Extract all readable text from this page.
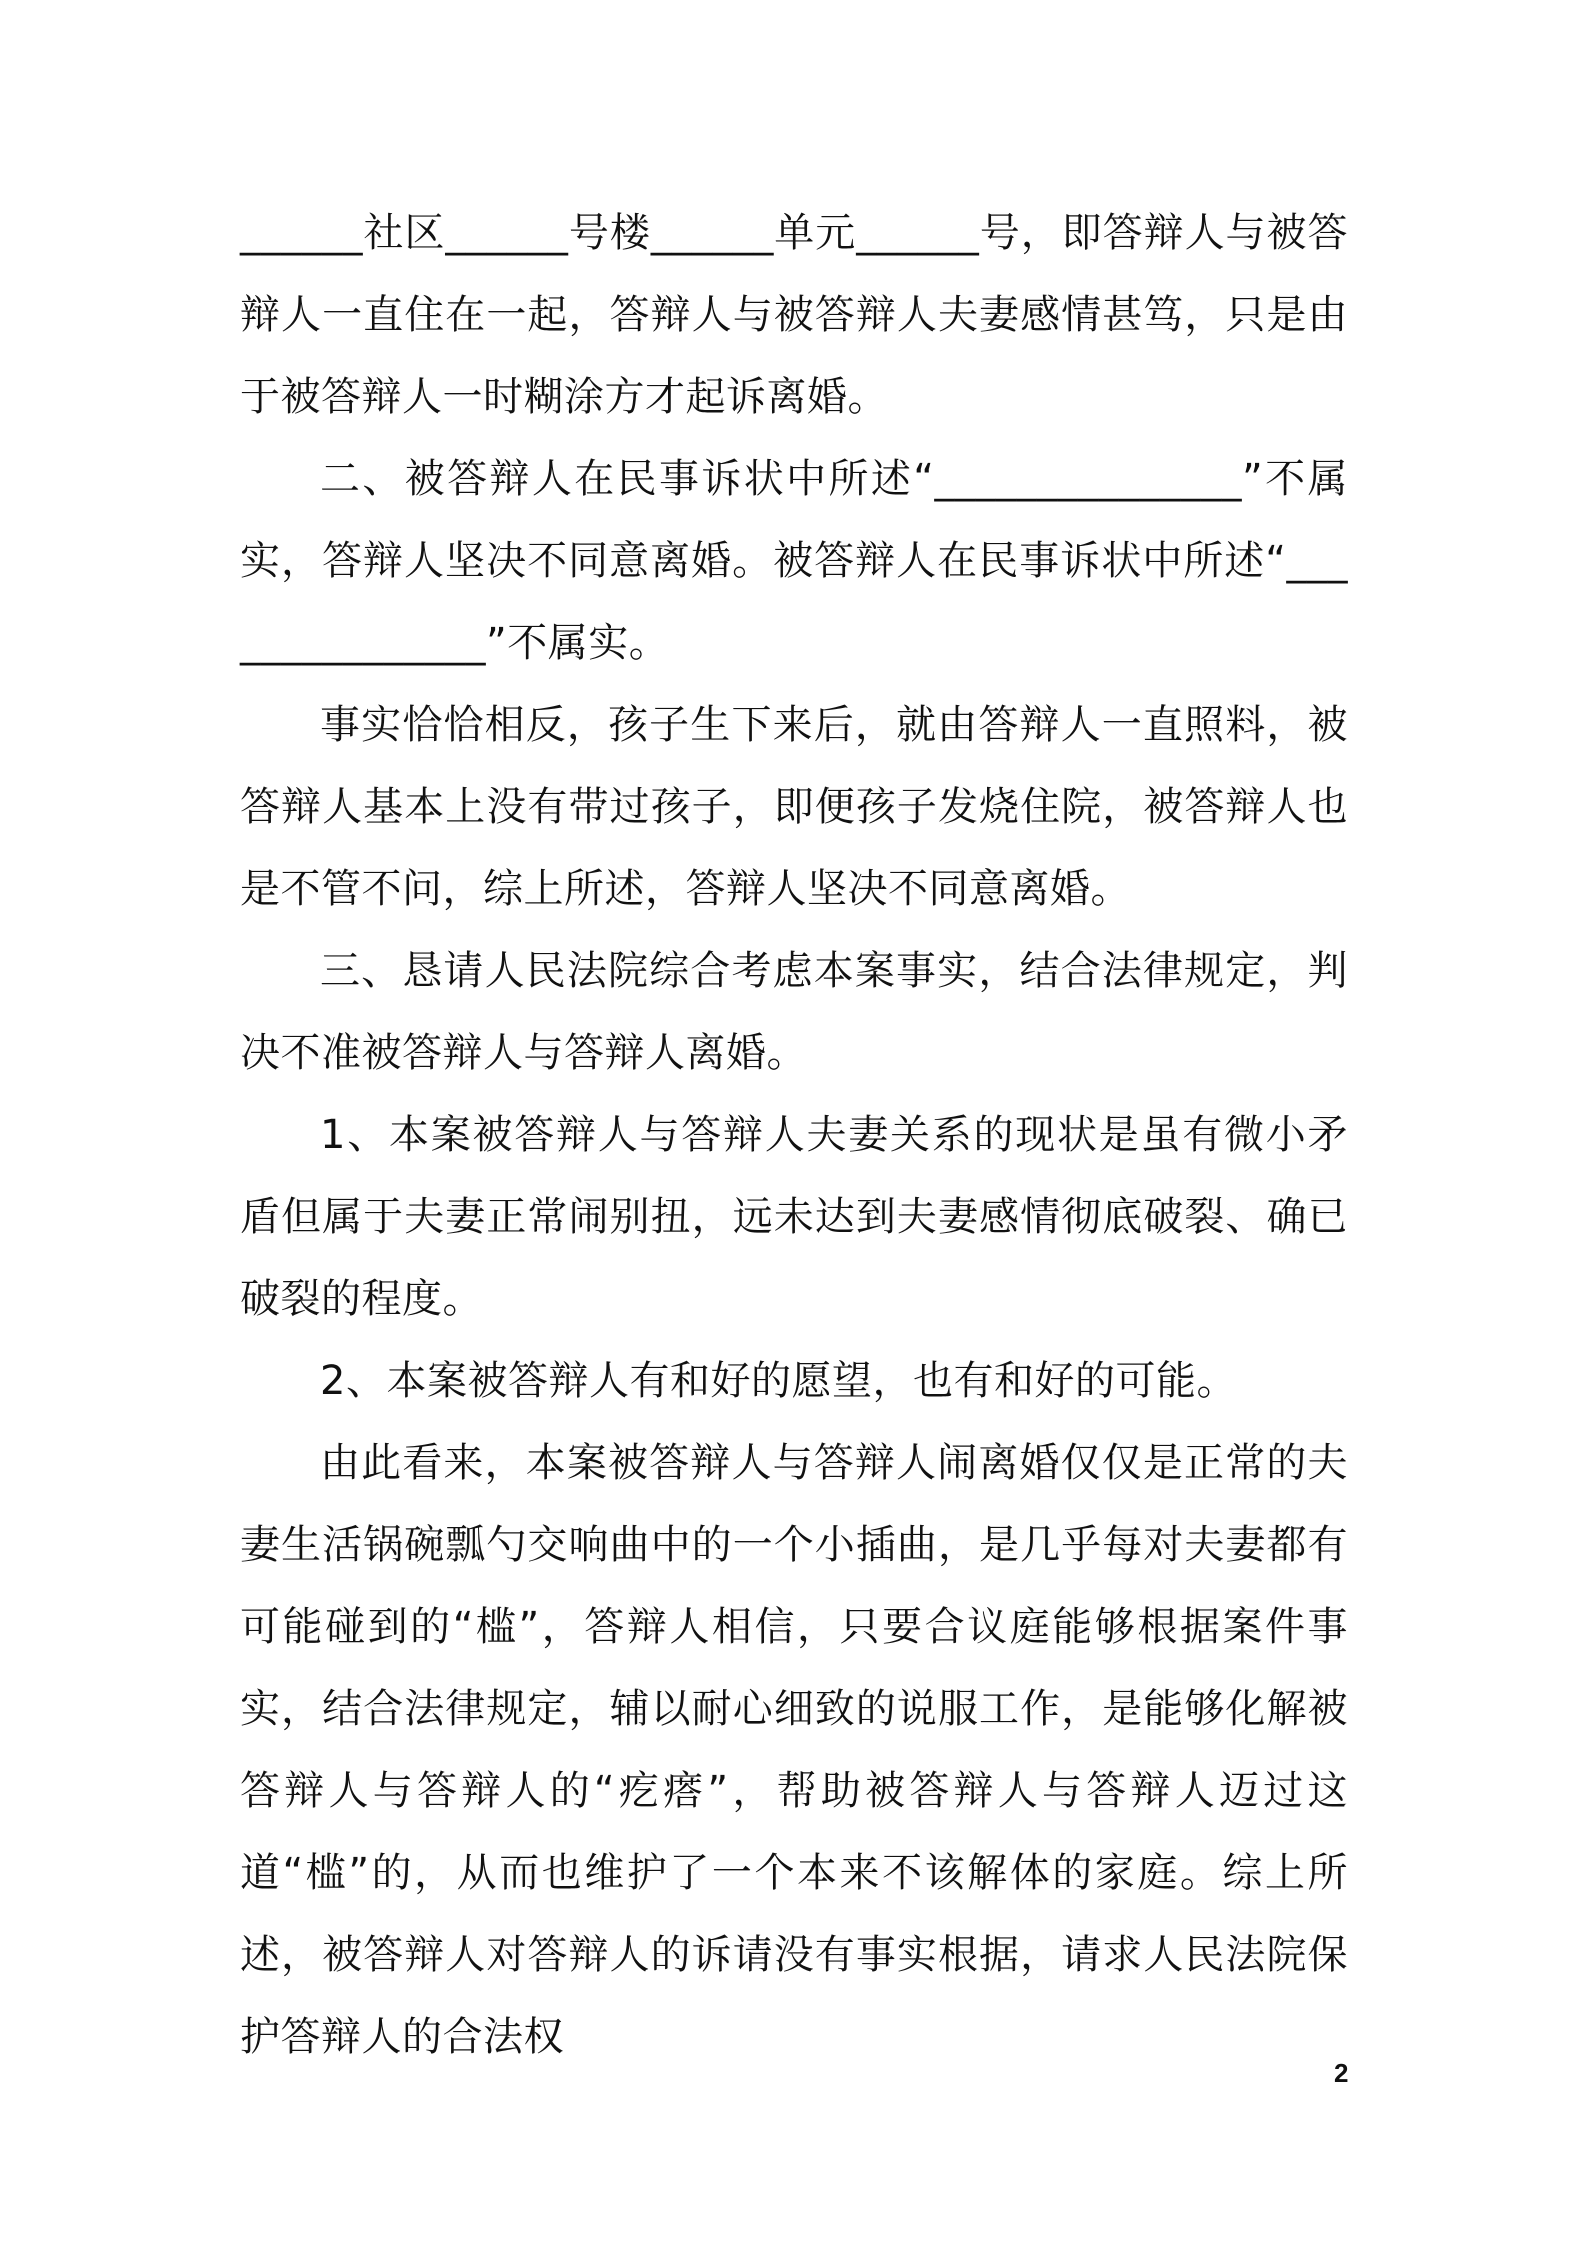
______社区______号楼______单元______号，即答辩人与被答辩人一直住在一起，答辩人与被答辩人夫妻感情甚笃，只是由于被答辩人一时糊涂方才起诉离婚。

二、被答辩人在民事诉状中所述“_______________”不属实，答辩人坚决不同意离婚。被答辩人在民事诉状中所述“_______________”不属实。

事实恰恰相反，孩子生下来后，就由答辩人一直照料，被答辩人基本上没有带过孩子，即便孩子发烧住院，被答辩人也是不管不问，综上所述，答辩人坚决不同意离婚。

三、恳请人民法院综合考虑本案事实，结合法律规定，判决不准被答辩人与答辩人离婚。

1、本案被答辩人与答辩人夫妻关系的现状是虽有微小矛盾但属于夫妻正常闹别扭，远未达到夫妻感情彻底破裂、确已破裂的程度。

2、本案被答辩人有和好的愿望，也有和好的可能。

由此看来，本案被答辩人与答辩人闹离婚仅仅是正常的夫妻生活锅碗瓢勺交响曲中的一个小插曲，是几乎每对夫妻都有可能碰到的“槛”，答辩人相信，只要合议庭能够根据案件事实，结合法律规定，辅以耐心细致的说服工作，是能够化解被答辩人与答辩人的“疙瘩”，帮助被答辩人与答辩人迈过这道“槛”的，从而也维护了一个本来不该解体的家庭。综上所述，被答辩人对答辩人的诉请没有事实根据，请求人民法院保护答辩人的合法权

2
